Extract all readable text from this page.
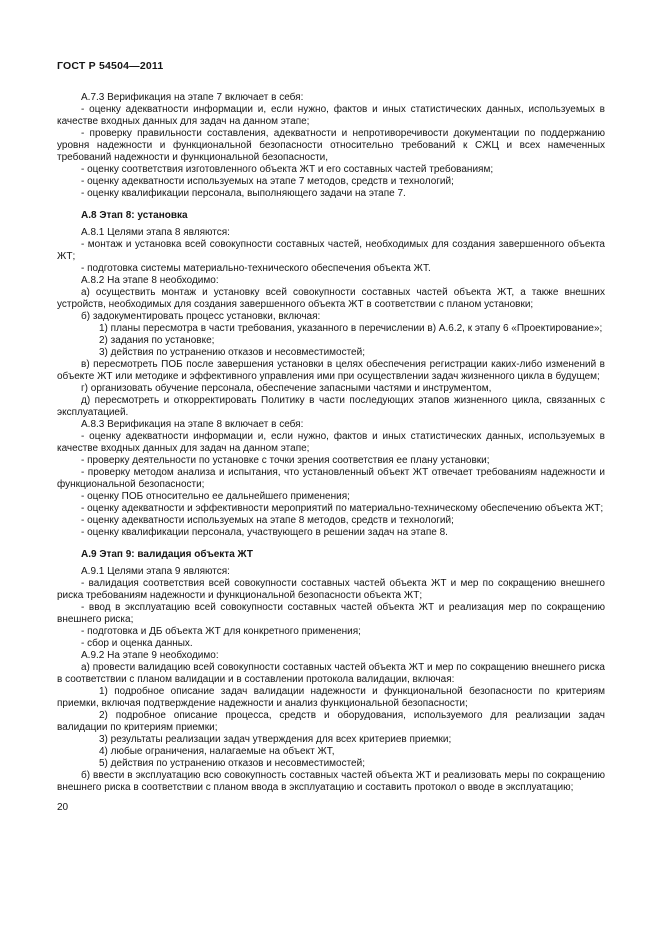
ГОСТ Р 54504—2011

А.7.3 Верификация на этапе 7 включает в себя:

- оценку адекватности информации и, если нужно, фактов и иных статистических данных, используемых в качестве входных данных для задач на данном этапе;

- проверку правильности составления, адекватности и непротиворечивости документации по поддержанию уровня надежности и функциональной безопасности относительно требований к СЖЦ и всех намеченных требований надежности и функциональной безопасности,

- оценку соответствия изготовленного объекта ЖТ и его составных частей требованиям;

- оценку адекватности используемых на этапе 7 методов, средств и технологий;

- оценку квалификации персонала, выполняющего задачи на этапе 7.

А.8 Этап 8: установка

А.8.1 Целями этапа 8 являются:

- монтаж и установка всей совокупности составных частей, необходимых для создания завершенного объекта ЖТ;

- подготовка системы материально-технического обеспечения объекта ЖТ.

А.8.2 На этапе 8 необходимо:

а) осуществить монтаж и установку всей совокупности составных частей объекта ЖТ, а также внешних устройств, необходимых для создания завершенного объекта ЖТ в соответствии с планом установки;

б) задокументировать процесс установки, включая:

1) планы пересмотра в части требования, указанного в перечислении в) А.6.2, к этапу 6 «Проектирование»;

2) задания по установке;

3) действия по устранению отказов и несовместимостей;

в) пересмотреть ПОБ после завершения установки в целях обеспечения регистрации каких-либо изменений в объекте ЖТ или методике и эффективного управления ими при осуществлении задач жизненного цикла в будущем;

г) организовать обучение персонала, обеспечение запасными частями и инструментом,

д) пересмотреть и откорректировать Политику в части последующих этапов жизненного цикла, связанных с эксплуатацией.

А.8.3 Верификация на этапе 8 включает в себя:

- оценку адекватности информации и, если нужно, фактов и иных статистических данных, используемых в качестве входных данных для задач на данном этапе;

- проверку деятельности по установке с точки зрения соответствия ее плану установки;

- проверку методом анализа и испытания, что установленный объект ЖТ отвечает требованиям надежности и функциональной безопасности;

- оценку ПОБ относительно ее дальнейшего применения;

- оценку адекватности и эффективности мероприятий по материально-техническому обеспечению объекта ЖТ;

- оценку адекватности используемых на этапе 8 методов, средств и технологий;

- оценку квалификации персонала, участвующего в решении задач на этапе 8.

А.9 Этап 9: валидация объекта ЖТ

А.9.1 Целями этапа 9 являются:

- валидация соответствия всей совокупности составных частей объекта ЖТ и мер по сокращению внешнего риска требованиям надежности и функциональной безопасности объекта ЖТ;

- ввод в эксплуатацию всей совокупности составных частей объекта ЖТ и реализация мер по сокращению внешнего риска;

- подготовка и ДБ объекта ЖТ для конкретного применения;

- сбор и оценка данных.

А.9.2 На этапе 9 необходимо:

а) провести валидацию всей совокупности составных частей объекта ЖТ и мер по сокращению внешнего риска в соответствии с планом валидации и в составлении протокола валидации, включая:

1) подробное описание задач валидации надежности и функциональной безопасности по критериям приемки, включая подтверждение надежности и анализ функциональной безопасности;

2) подробное описание процесса, средств и оборудования, используемого для реализации задач валидации по критериям приемки;

3) результаты реализации задач утверждения для всех критериев приемки;

4) любые ограничения, налагаемые на объект ЖТ,

5) действия по устранению отказов и несовместимостей;

б) ввести в эксплуатацию всю совокупность составных частей объекта ЖТ и реализовать меры по сокращению внешнего риска в соответствии с планом ввода в эксплуатацию и составить протокол о вводе в эксплуатацию;

20
